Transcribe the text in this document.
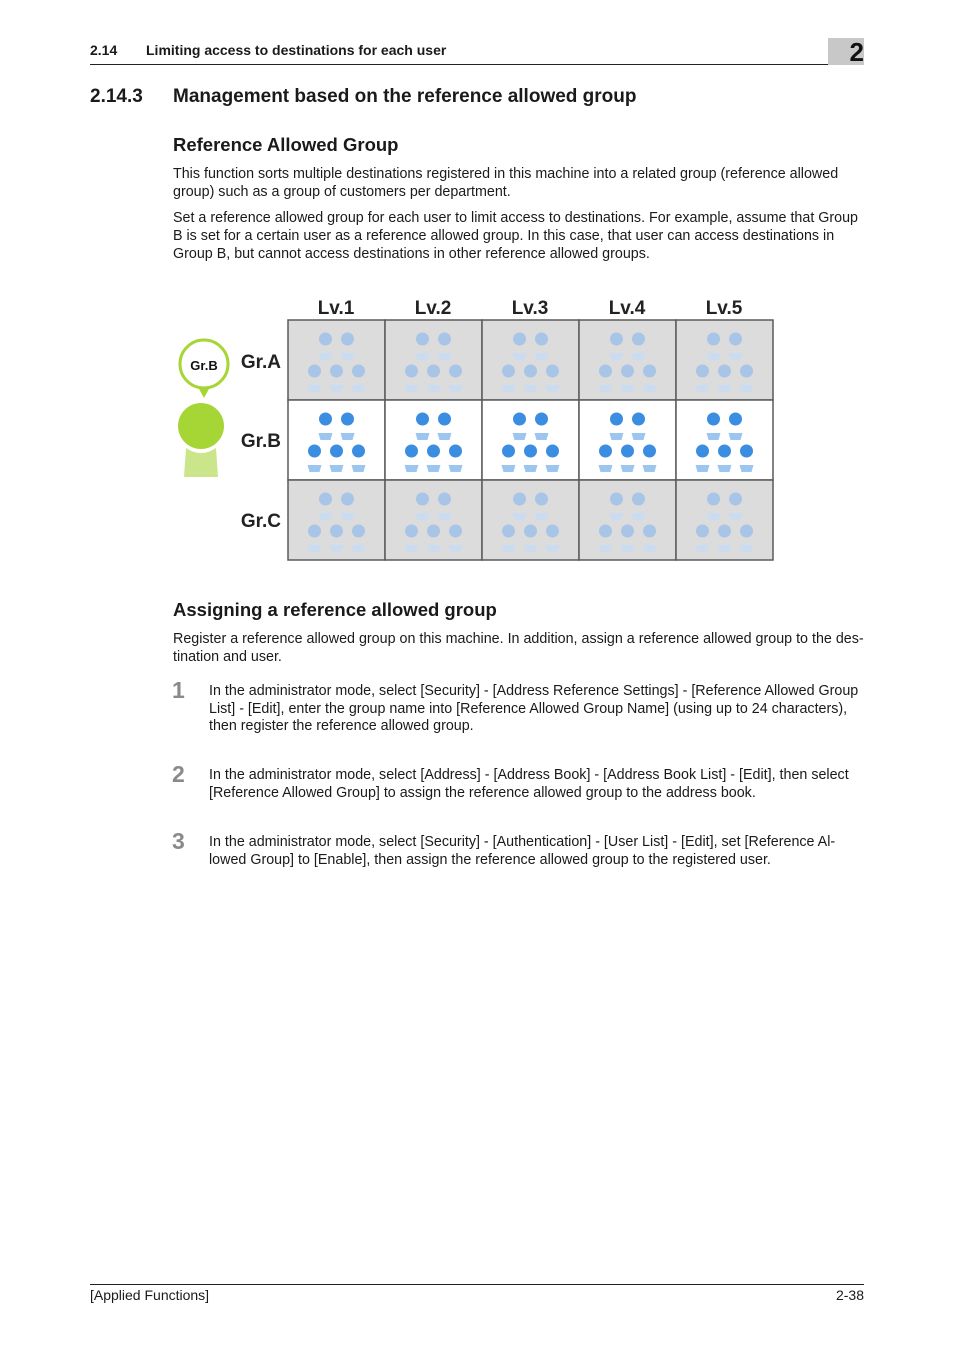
2.14 Limiting access to destinations for each user	2
2.14.3 Management based on the reference allowed group
Reference Allowed Group

This function sorts multiple destinations registered in this machine into a related group (reference allowed group) such as a group of customers per department.

Set a reference allowed group for each user to limit access to destinations. For example, assume that Group B is set for a certain user as a reference allowed group. In this case, that user can access destinations in Group B, but cannot access destinations in other reference allowed groups.

Lv.1	Lv.2	Lv.3	Lv.4	Lv.5
Gr.A
Gr.B
Gr.C
Gr.B
Assigning a reference allowed group

Register a reference allowed group on this machine. In addition, assign a reference allowed group to the des-tination and user.

1 In the administrator mode, select [Security] - [Address Reference Settings] - [Reference Allowed Group List] - [Edit], enter the group name into [Reference Allowed Group Name] (using up to 24 characters), then register the reference allowed group.

2 In the administrator mode, select [Address] - [Address Book] - [Address Book List] - [Edit], then select [Reference Allowed Group] to assign the reference allowed group to the address book.

3 In the administrator mode, select [Security] - [Authentication] - [User List] - [Edit], set [Reference Al-lowed Group] to [Enable], then assign the reference allowed group to the registered user.

[Applied Functions]	2-38
